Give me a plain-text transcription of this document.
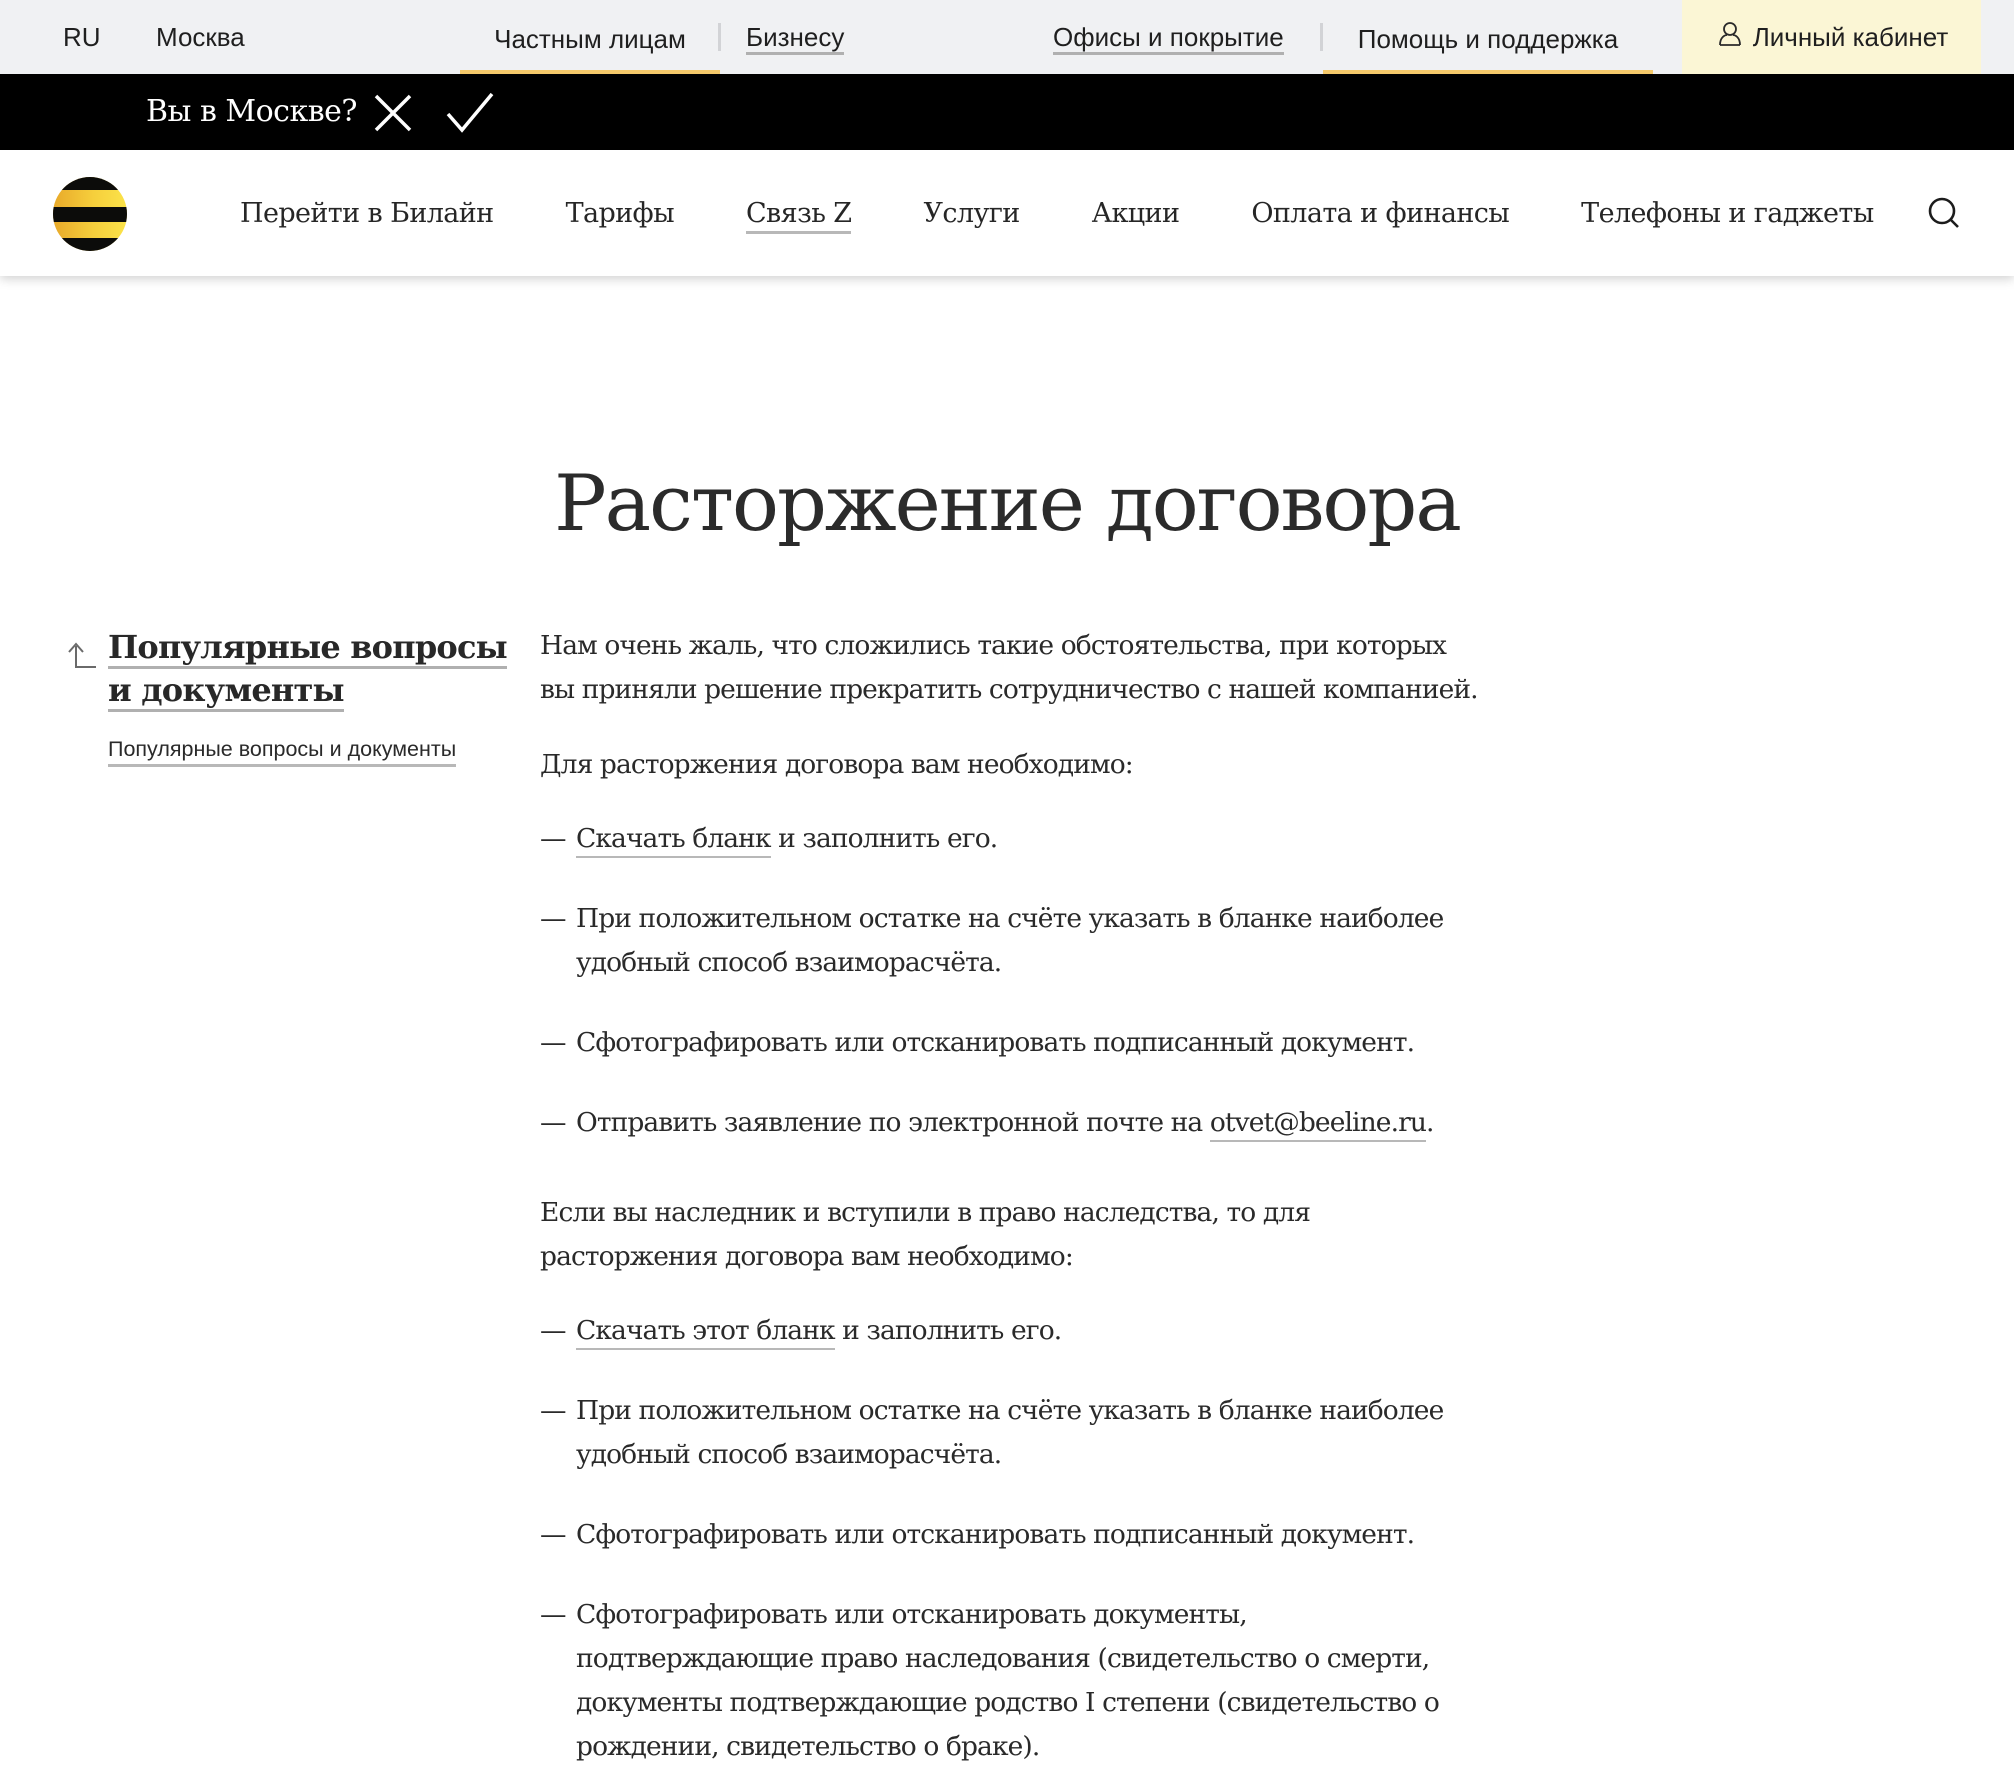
RU Москва	Частным лицам	Бизнесу	Офисы и покрытие	Помощь и поддержка	Личный кабинет
Вы в Москве?
Перейти в Билайн	Тарифы	Связь Z	Услуги	Акции	Оплата и финансы	Телефоны и гаджеты
Расторжение договора
Популярные вопросы и документы
Популярные вопросы и документы

Нам очень жаль, что сложились такие обстоятельства, при которых вы приняли решение прекратить сотрудничество с нашей компанией.

Для расторжения договора вам необходимо:

— Скачать бланк и заполнить его.

— При положительном остатке на счёте указать в бланке наиболее удобный способ взаиморасчёта.

— Сфотографировать или отсканировать подписанный документ.

— Отправить заявление по электронной почте на otvet@beeline.ru.

Если вы наследник и вступили в право наследства, то для расторжения договора вам необходимо:

— Скачать этот бланк и заполнить его.

— При положительном остатке на счёте указать в бланке наиболее удобный способ взаиморасчёта.

— Сфотографировать или отсканировать подписанный документ.

— Сфотографировать или отсканировать документы, подтверждающие право наследования (свидетельство о смерти, документы подтверждающие родство I степени (свидетельство о рождении, свидетельство о браке).
